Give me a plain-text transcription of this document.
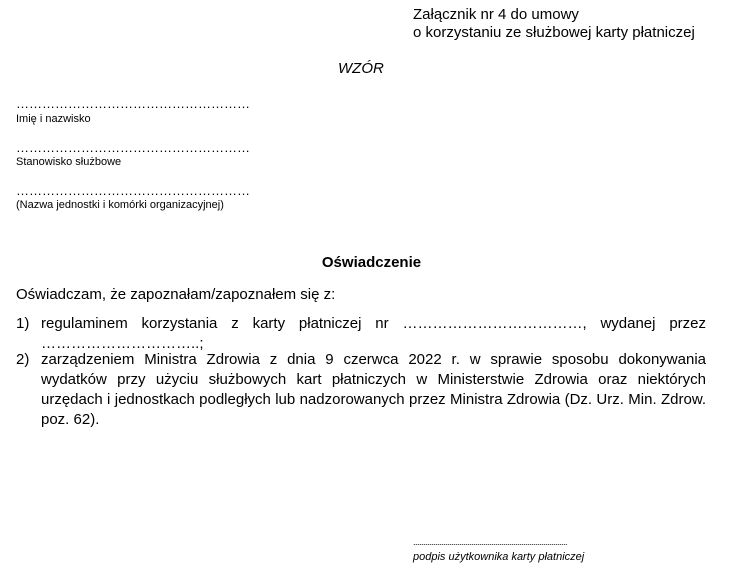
Załącznik nr 4 do umowy
o korzystaniu ze służbowej karty płatniczej
WZÓR
………………………………………………
Imię i nazwisko
………………………………………………
Stanowisko służbowe
………………………………………………
(Nazwa jednostki i komórki organizacyjnej)
Oświadczenie
Oświadczam, że zapoznałam/zapoznałem się z:
1) regulaminem korzystania z karty płatniczej nr ………………………………, wydanej przez …………………………..;
2) zarządzeniem Ministra Zdrowia z dnia 9 czerwca 2022 r. w sprawie sposobu dokonywania wydatków przy użyciu służbowych kart płatniczych w Ministerstwie Zdrowia oraz niektórych urzędach i jednostkach podległych lub nadzorowanych przez Ministra Zdrowia (Dz. Urz. Min. Zdrow. poz. 62).
.............................................................................
podpis użytkownika karty płatniczej
